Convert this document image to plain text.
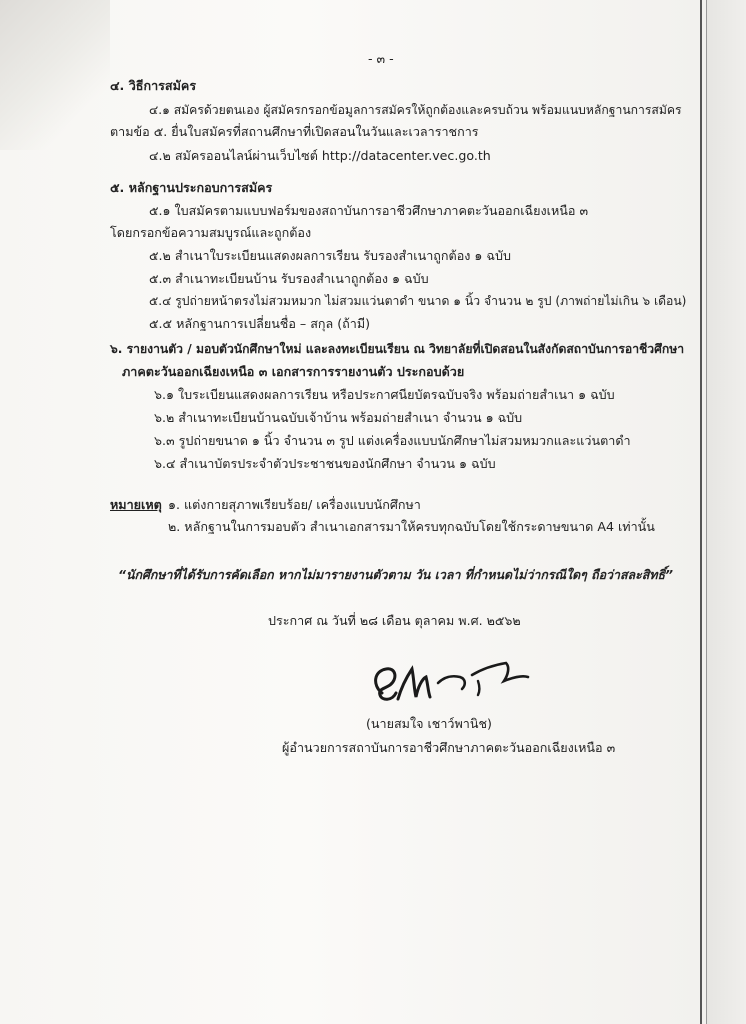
- ๓ -
๔. วิธีการสมัคร
๔.๑ สมัครด้วยตนเอง ผู้สมัครกรอกข้อมูลการสมัครให้ถูกต้องและครบถ้วน พร้อมแนบหลักฐานการสมัคร
ตามข้อ ๕. ยื่นใบสมัครที่สถานศึกษาที่เปิดสอนในวันและเวลาราชการ
๔.๒ สมัครออนไลน์ผ่านเว็บไซต์ http://datacenter.vec.go.th
๕. หลักฐานประกอบการสมัคร
๕.๑ ใบสมัครตามแบบฟอร์มของสถาบันการอาชีวศึกษาภาคตะวันออกเฉียงเหนือ ๓
โดยกรอกข้อความสมบูรณ์และถูกต้อง
๕.๒ สำเนาใบระเบียนแสดงผลการเรียน รับรองสำเนาถูกต้อง ๑ ฉบับ
๕.๓ สำเนาทะเบียนบ้าน รับรองสำเนาถูกต้อง ๑ ฉบับ
๕.๔ รูปถ่ายหน้าตรงไม่สวมหมวก ไม่สวมแว่นตาดำ ขนาด ๑ นิ้ว จำนวน ๒ รูป (ภาพถ่ายไม่เกิน ๖ เดือน)
๕.๕ หลักฐานการเปลี่ยนชื่อ – สกุล (ถ้ามี)
๖. รายงานตัว / มอบตัวนักศึกษาใหม่ และลงทะเบียนเรียน ณ วิทยาลัยที่เปิดสอนในสังกัดสถาบันการอาชีวศึกษา
ภาคตะวันออกเฉียงเหนือ ๓ เอกสารการรายงานตัว ประกอบด้วย
๖.๑ ใบระเบียนแสดงผลการเรียน หรือประกาศนียบัตรฉบับจริง พร้อมถ่ายสำเนา ๑ ฉบับ
๖.๒ สำเนาทะเบียนบ้านฉบับเจ้าบ้าน พร้อมถ่ายสำเนา จำนวน ๑ ฉบับ
๖.๓ รูปถ่ายขนาด ๑ นิ้ว จำนวน ๓ รูป แต่งเครื่องแบบนักศึกษาไม่สวมหมวกและแว่นตาดำ
๖.๔ สำเนาบัตรประจำตัวประชาชนของนักศึกษา จำนวน ๑ ฉบับ
หมายเหตุ ๑. แต่งกายสุภาพเรียบร้อย/ เครื่องแบบนักศึกษา
๒. หลักฐานในการมอบตัว สำเนาเอกสารมาให้ครบทุกฉบับโดยใช้กระดาษขนาด A4 เท่านั้น
“นักศึกษาที่ได้รับการคัดเลือก หากไม่มารายงานตัวตาม วัน เวลา ที่กำหนดไม่ว่ากรณีใดๆ ถือว่าสละสิทธิ์”
ประกาศ ณ วันที่ ๒๘ เดือน ตุลาคม พ.ศ. ๒๕๖๒
(นายสมใจ เชาว์พานิช)
ผู้อำนวยการสถาบันการอาชีวศึกษาภาคตะวันออกเฉียงเหนือ ๓
